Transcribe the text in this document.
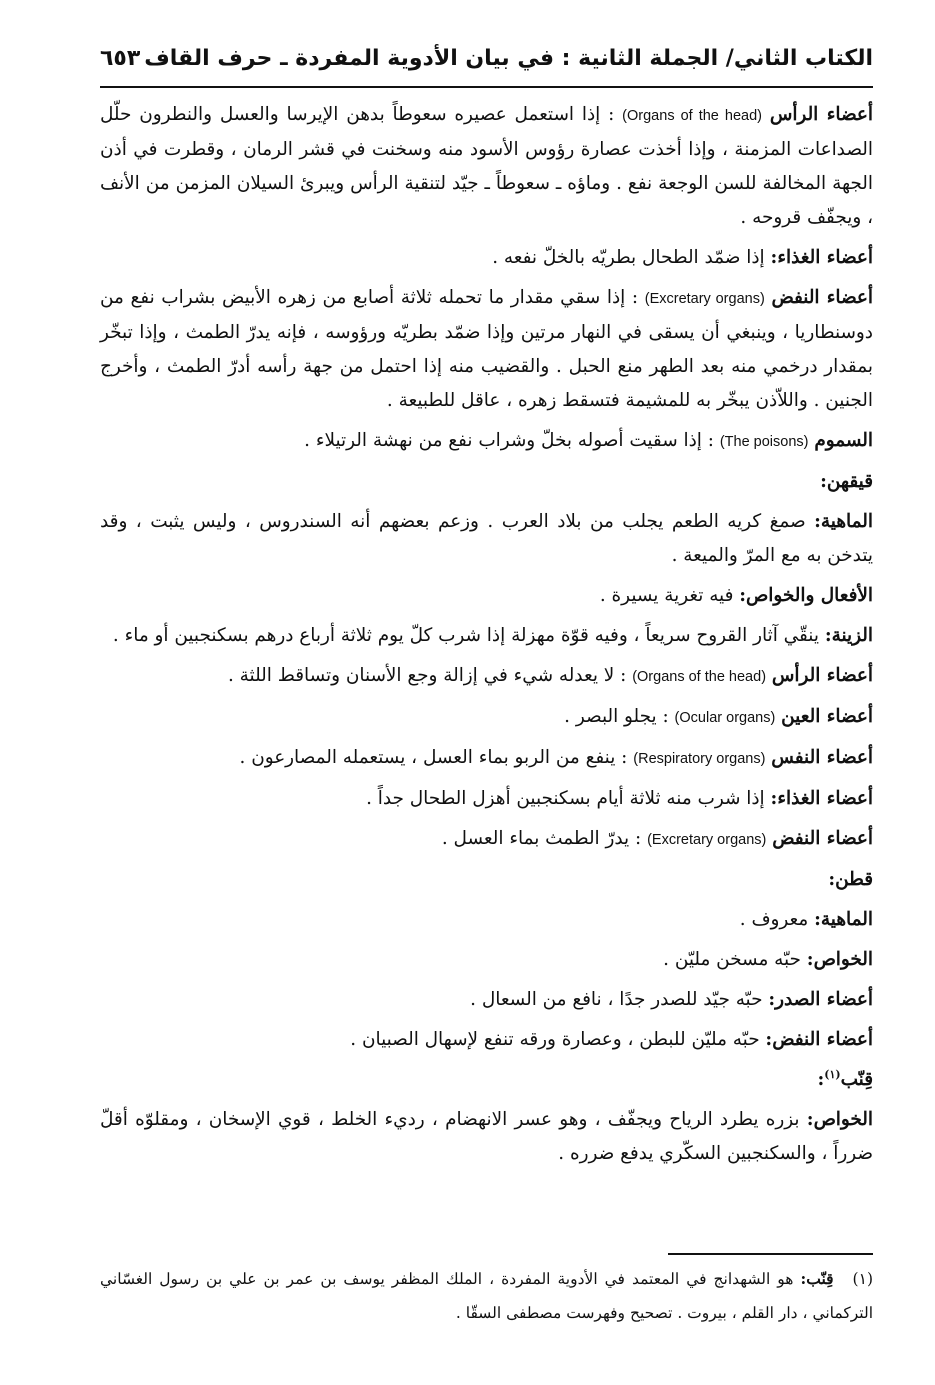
الكتاب الثاني/ الجملة الثانية : في بيان الأدوية المفردة ـ حرف القاف
٦٥٣

أعضاء الرأس (Organs of the head) : إذا استعمل عصيره سعوطاً بدهن الإيرسا والعسل والنطرون حلّل الصداعات المزمنة ، وإذا أخذت عصارة رؤوس الأسود منه وسخنت في قشر الرمان ، وقطرت في أذن الجهة المخالفة للسن الوجعة نفع . وماؤه ـ سعوطاً ـ جيّد لتنقية الرأس ويبرئ السيلان المزمن من الأنف ، ويجفّف قروحه .

أعضاء الغذاء: إذا ضمّد الطحال بطريّه بالخلّ نفعه .

أعضاء النفض (Excretary organs) : إذا سقي مقدار ما تحمله ثلاثة أصابع من زهره الأبيض بشراب نفع من دوسنطاريا ، وينبغي أن يسقى في النهار مرتين وإذا ضمّد بطريّه ورؤوسه ، فإنه يدرّ الطمث ، وإذا تبخّر بمقدار درخمي منه بعد الطهر منع الحبل . والقضيب منه إذا احتمل من جهة رأسه أدرّ الطمث ، وأخرج الجنين . واللاّذن يبخّر به للمشيمة فتسقط زهره ، عاقل للطبيعة .

السموم (The poisons) : إذا سقيت أصوله بخلّ وشراب نفع من نهشة الرتيلاء .

قيقهن:

الماهية: صمغ كريه الطعم يجلب من بلاد العرب . وزعم بعضهم أنه السندروس ، وليس يثبت ، وقد يتدخن به مع المرّ والميعة .

الأفعال والخواص: فيه تغرية يسيرة .

الزينة: ينقّي آثار القروح سريعاً ، وفيه قوّة مهزلة إذا شرب كلّ يوم ثلاثة أرباع درهم بسكنجبين أو ماء .

أعضاء الرأس (Organs of the head) : لا يعدله شيء في إزالة وجع الأسنان وتساقط اللثة .

أعضاء العين (Ocular organs) : يجلو البصر .

أعضاء النفس (Respiratory organs) : ينفع من الربو بماء العسل ، يستعمله المصارعون .

أعضاء الغذاء: إذا شرب منه ثلاثة أيام بسكنجبين أهزل الطحال جداً .

أعضاء النفض (Excretary organs) : يدرّ الطمث بماء العسل .

قطن:

الماهية: معروف .

الخواص: حبّه مسخن مليّن .

أعضاء الصدر: حبّه جيّد للصدر جدًا ، نافع من السعال .

أعضاء النفض: حبّه مليّن للبطن ، وعصارة ورقه تنفع لإسهال الصبيان .

قِنّب$^{(١)}$:

الخواص: بزره يطرد الرياح ويجفّف ، وهو عسر الانهضام ، رديء الخلط ، قوي الإسخان ، ومقلوّه أقلّ ضرراً ، والسكنجبين السكّري يدفع ضرره .

(١) قِنّب: هو الشهدانج في المعتمد في الأدوية المفردة ، الملك المظفر يوسف بن عمر بن علي بن رسول الغسّاني التركماني ، دار القلم ، بيروت . تصحيح وفهرست مصطفى السقّا .
